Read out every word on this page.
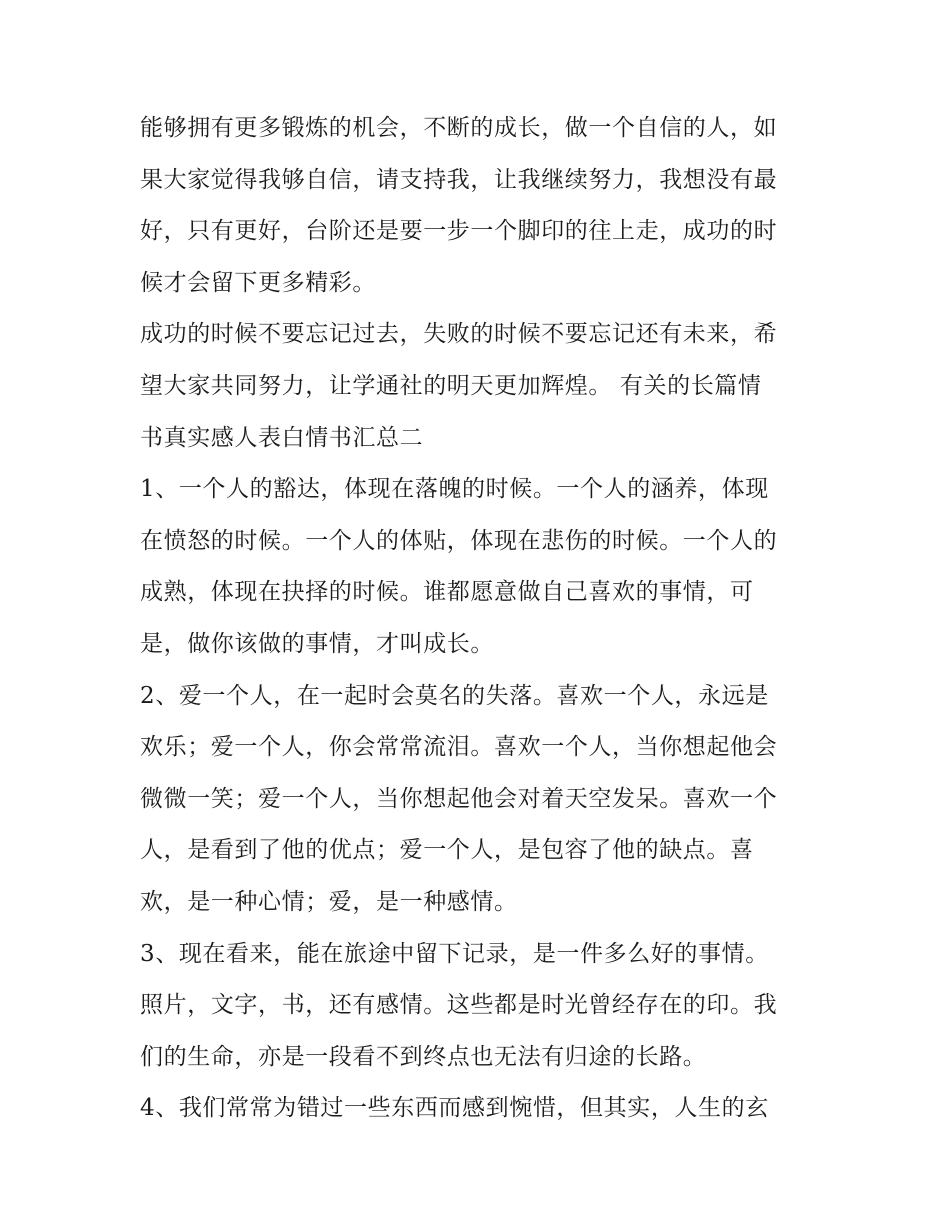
能够拥有更多锻炼的机会，不断的成长，做一个自信的人，如
果大家觉得我够自信，请支持我，让我继续努力，我想没有最
好，只有更好，台阶还是要一步一个脚印的往上走，成功的时
候才会留下更多精彩。
成功的时候不要忘记过去，失败的时候不要忘记还有未来，希
望大家共同努力，让学通社的明天更加辉煌。 有关的长篇情
书真实感人表白情书汇总二
1、一个人的豁达，体现在落魄的时候。一个人的涵养，体现
在愤怒的时候。一个人的体贴，体现在悲伤的时候。一个人的
成熟，体现在抉择的时候。谁都愿意做自己喜欢的事情，可
是，做你该做的事情，才叫成长。
2、爱一个人，在一起时会莫名的失落。喜欢一个人，永远是
欢乐；爱一个人，你会常常流泪。喜欢一个人，当你想起他会
微微一笑；爱一个人，当你想起他会对着天空发呆。喜欢一个
人，是看到了他的优点；爱一个人，是包容了他的缺点。喜
欢，是一种心情；爱，是一种感情。
3、现在看来，能在旅途中留下记录，是一件多么好的事情。
照片，文字，书，还有感情。这些都是时光曾经存在的印。我
们的生命，亦是一段看不到终点也无法有归途的长路。
4、我们常常为错过一些东西而感到惋惜，但其实，人生的玄
